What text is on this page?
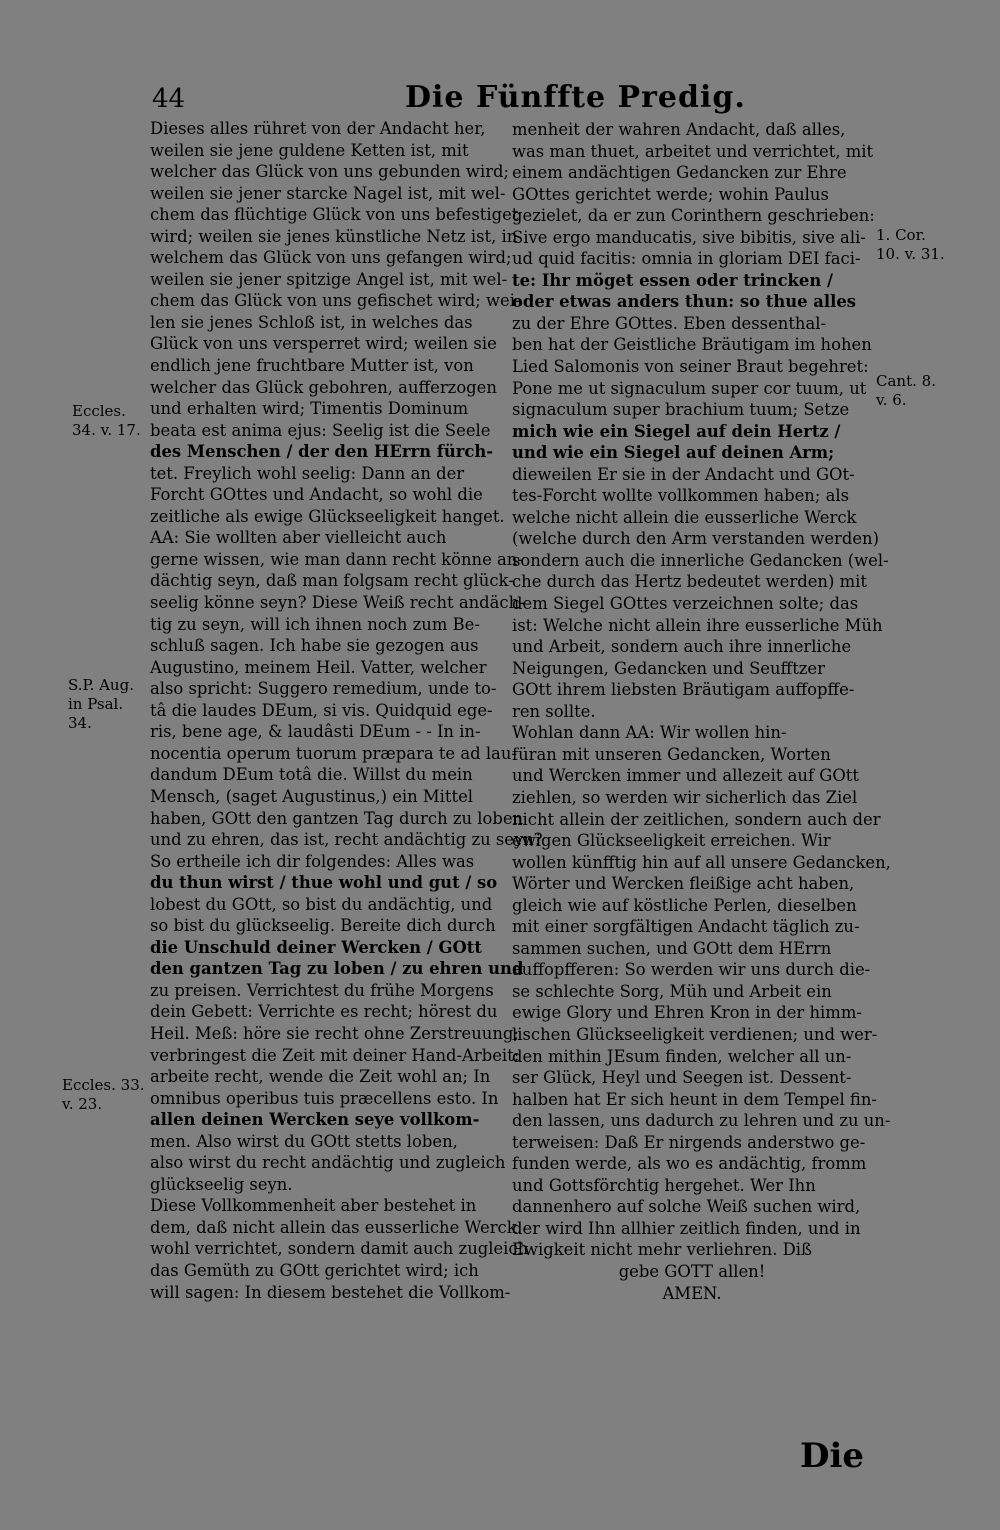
44	Die Fünffte Predig.
Dieses alles rühret von der Andacht her,
weilen sie jene guldene Ketten ist, mit
welcher das Glück von uns gebunden wird;
weilen sie jener starcke Nagel ist, mit wel-
chem das flüchtige Glück von uns befestiget
wird; weilen sie jenes künstliche Netz ist, in
welchem das Glück von uns gefangen wird;
weilen sie jener spitzige Angel ist, mit wel-
chem das Glück von uns gefischet wird; wei-
len sie jenes Schloß ist, in welches das
Glück von uns versperret wird; weilen sie
endlich jene fruchtbare Mutter ist, von
welcher das Glück gebohren, aufferzogen
und erhalten wird; Timentis Dominum
beata est anima ejus: Seelig ist die Seele
des Menschen / der den HErrn fürch-
tet. Freylich wohl seelig: Dann an der
Forcht GOttes und Andacht, so wohl die
zeitliche als ewige Glückseeligkeit hanget.
AA: Sie wollten aber vielleicht auch
gerne wissen, wie man dann recht könne an-
dächtig seyn, daß man folgsam recht glück-
seelig könne seyn? Diese Weiß recht andäch-
tig zu seyn, will ich ihnen noch zum Be-
schluß sagen. Ich habe sie gezogen aus
Augustino, meinem Heil. Vatter, welcher
also spricht: Suggero remedium, unde to-
tâ die laudes DEum, si vis. Quidquid ege-
ris, bene age, & laudâsti DEum - - In in-
nocentia operum tuorum præpara te ad lau-
dandum DEum totâ die. Willst du mein
Mensch, (saget Augustinus,) ein Mittel
haben, GOtt den gantzen Tag durch zu loben
und zu ehren, das ist, recht andächtig zu seyn?
So ertheile ich dir folgendes: Alles was
du thun wirst / thue wohl und gut / so
lobest du GOtt, so bist du andächtig, und
so bist du glückseelig. Bereite dich durch
die Unschuld deiner Wercken / GOtt
den gantzen Tag zu loben / zu ehren und
zu preisen. Verrichtest du frühe Morgens
dein Gebett: Verrichte es recht; hörest du
Heil. Meß: höre sie recht ohne Zerstreuung;
verbringest die Zeit mit deiner Hand-Arbeit:
arbeite recht, wende die Zeit wohl an; In
omnibus operibus tuis præcellens esto. In
allen deinen Wercken seye vollkom-
men. Also wirst du GOtt stetts loben,
also wirst du recht andächtig und zugleich
glückseelig seyn.
Diese Vollkommenheit aber bestehet in
dem, daß nicht allein das eusserliche Werck
wohl verrichtet, sondern damit auch zugleich
das Gemüth zu GOtt gerichtet wird; ich
will sagen: In diesem bestehet die Vollkom-
menheit der wahren Andacht, daß alles,
was man thuet, arbeitet und verrichtet, mit
einem andächtigen Gedancken zur Ehre
GOttes gerichtet werde; wohin Paulus
gezielet, da er zun Corinthern geschrieben:
Sive ergo manducatis, sive bibitis, sive ali-
ud quid facitis: omnia in gloriam DEI faci-
te: Ihr möget essen oder trincken /
oder etwas anders thun: so thue alles
zu der Ehre GOttes. Eben dessenthal-
ben hat der Geistliche Bräutigam im hohen
Lied Salomonis von seiner Braut begehret:
Pone me ut signaculum super cor tuum, ut
signaculum super brachium tuum; Setze
mich wie ein Siegel auf dein Hertz /
und wie ein Siegel auf deinen Arm;
dieweilen Er sie in der Andacht und GOt-
tes-Forcht wollte vollkommen haben; als
welche nicht allein die eusserliche Werck
(welche durch den Arm verstanden werden)
sondern auch die innerliche Gedancken (wel-
che durch das Hertz bedeutet werden) mit
dem Siegel GOttes verzeichnen solte; das
ist: Welche nicht allein ihre eusserliche Müh
und Arbeit, sondern auch ihre innerliche
Neigungen, Gedancken und Seufftzer
GOtt ihrem liebsten Bräutigam auffopffe-
ren sollte.
Wohlan dann AA: Wir wollen hin-
füran mit unseren Gedancken, Worten
und Wercken immer und allezeit auf GOtt
ziehlen, so werden wir sicherlich das Ziel
nicht allein der zeitlichen, sondern auch der
ewigen Glückseeligkeit erreichen. Wir
wollen künfftig hin auf all unsere Gedancken,
Wörter und Wercken fleißige acht haben,
gleich wie auf köstliche Perlen, dieselben
mit einer sorgfältigen Andacht täglich zu-
sammen suchen, und GOtt dem HErrn
auffopfferen: So werden wir uns durch die-
se schlechte Sorg, Müh und Arbeit ein
ewige Glory und Ehren Kron in der himm-
lischen Glückseeligkeit verdienen; und wer-
den mithin JEsum finden, welcher all un-
ser Glück, Heyl und Seegen ist. Dessent-
halben hat Er sich heunt in dem Tempel fin-
den lassen, uns dadurch zu lehren und zu un-
terweisen: Daß Er nirgends anderstwo ge-
funden werde, als wo es andächtig, fromm
und Gottsförchtig hergehet. Wer Ihn
dannenhero auf solche Weiß suchen wird,
der wird Ihn allhier zeitlich finden, und in
Ewigkeit nicht mehr verliehren. Diß
gebe GOTT allen!
AMEN.
Eccles.
34. v. 17.
S.P. Aug.
in Psal.
34.
Eccles. 33.
v. 23.
1. Cor.
10. v. 31.
Cant. 8.
v. 6.
Die
